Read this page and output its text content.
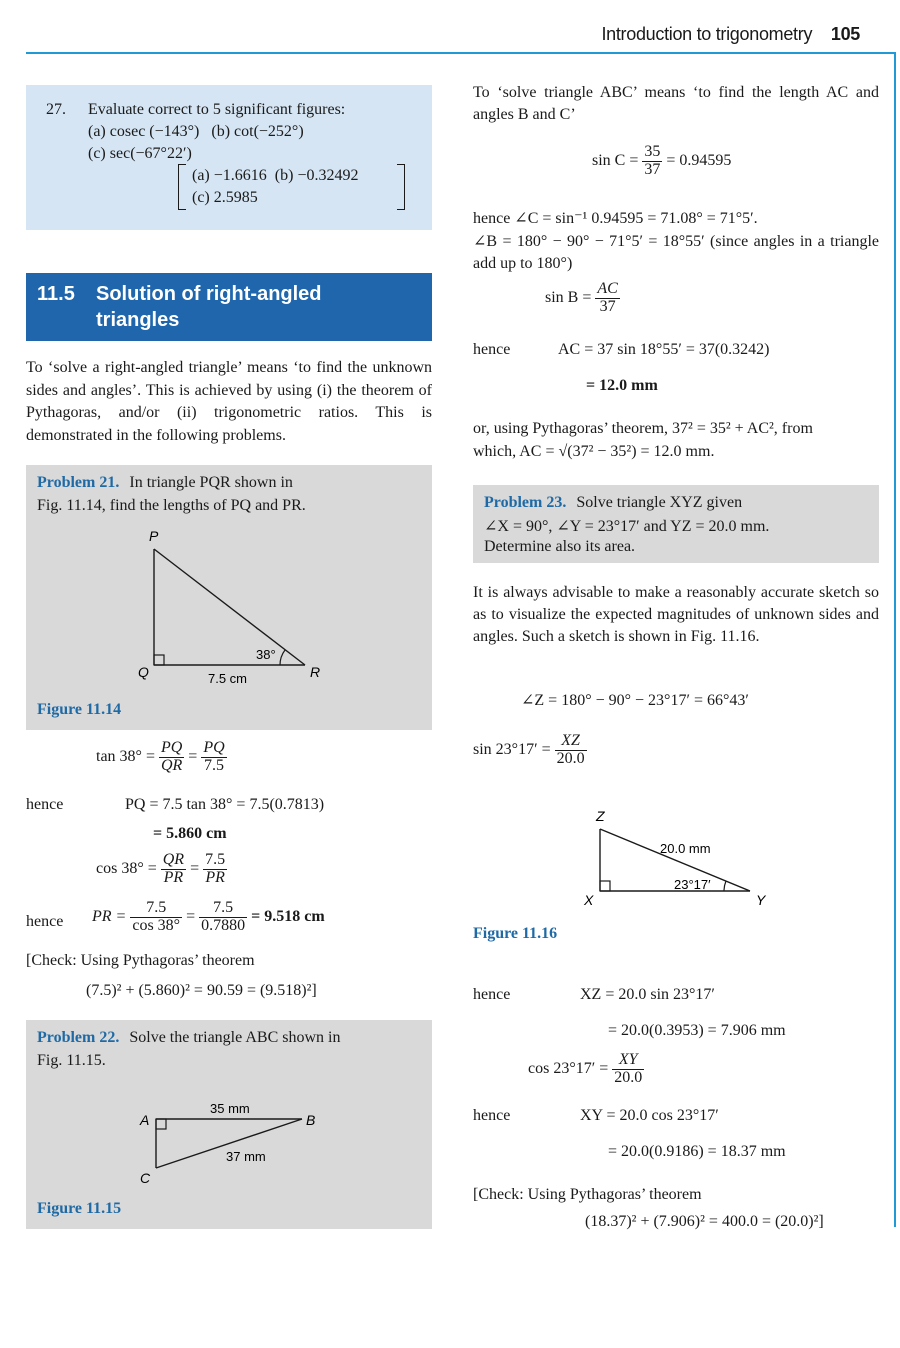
Introduction to trigonometry 105
27. Evaluate correct to 5 significant figures:
(a) cosec (−143°)   (b) cot(−252°)
(c) sec(−67°22′)
(a) −1.6616  (b) −0.32492
(c) 2.5985
11.5 Solution of right-angled
triangles
To ‘solve a right-angled triangle’ means ‘to find the unknown sides and angles’. This is achieved by using (i) the theorem of Pythagoras, and/or (ii) trigonometric ratios. This is demonstrated in the following problems.
Problem 21. In triangle PQR shown in
Fig. 11.14, find the lengths of PQ and PR.
P
Q	R
38°
7.5 cm
Figure 11.14
$\tan 38^\circ = \frac{PQ}{QR} = \frac{PQ}{7.5}$
hence	PQ = 7.5 tan 38° = 7.5(0.7813)
= 5.860 cm
$\cos 38^\circ = \frac{QR}{PR} = \frac{7.5}{PR}$
hence PR = $\frac{7.5}{\cos 38^\circ} = \frac{7.5}{0.7880} = 9.518$ cm
[Check: Using Pythagoras’ theorem
(7.5)² + (5.860)² = 90.59 = (9.518)²]
Problem 22. Solve the triangle ABC shown in
Fig. 11.15.
A	B
C
35 mm
37 mm
Figure 11.15
To ‘solve triangle ABC’ means ‘to find the length AC and angles B and C’
$\sin C = \frac{35}{37} = 0.94595$
hence ∠C = sin⁻¹ 0.94595 = 71.08° = 71°5′.
∠B = 180° − 90° − 71°5′ = 18°55′ (since angles in a triangle add up to 180°)
$\sin B = \frac{AC}{37}$
hence	AC = 37 sin 18°55′ = 37(0.3242)
= 12.0 mm
or, using Pythagoras’ theorem, 37² = 35² + AC², from
which, AC = √(37² − 35²) = 12.0 mm.
Problem 23. Solve triangle XYZ given
∠X = 90°, ∠Y = 23°17′ and YZ = 20.0 mm.
Determine also its area.
It is always advisable to make a reasonably accurate sketch so as to visualize the expected magnitudes of unknown sides and angles. Such a sketch is shown in Fig. 11.16.
∠Z = 180° − 90° − 23°17′ = 66°43′
$\sin 23^\circ 17' = \frac{XZ}{20.0}$
Z
X	Y
20.0 mm
23°17′
Figure 11.16
hence	XZ = 20.0 sin 23°17′
= 20.0(0.3953) = 7.906 mm
$\cos 23^\circ 17' = \frac{XY}{20.0}$
hence	XY = 20.0 cos 23°17′
= 20.0(0.9186) = 18.37 mm
[Check: Using Pythagoras’ theorem
(18.37)² + (7.906)² = 400.0 = (20.0)²]
